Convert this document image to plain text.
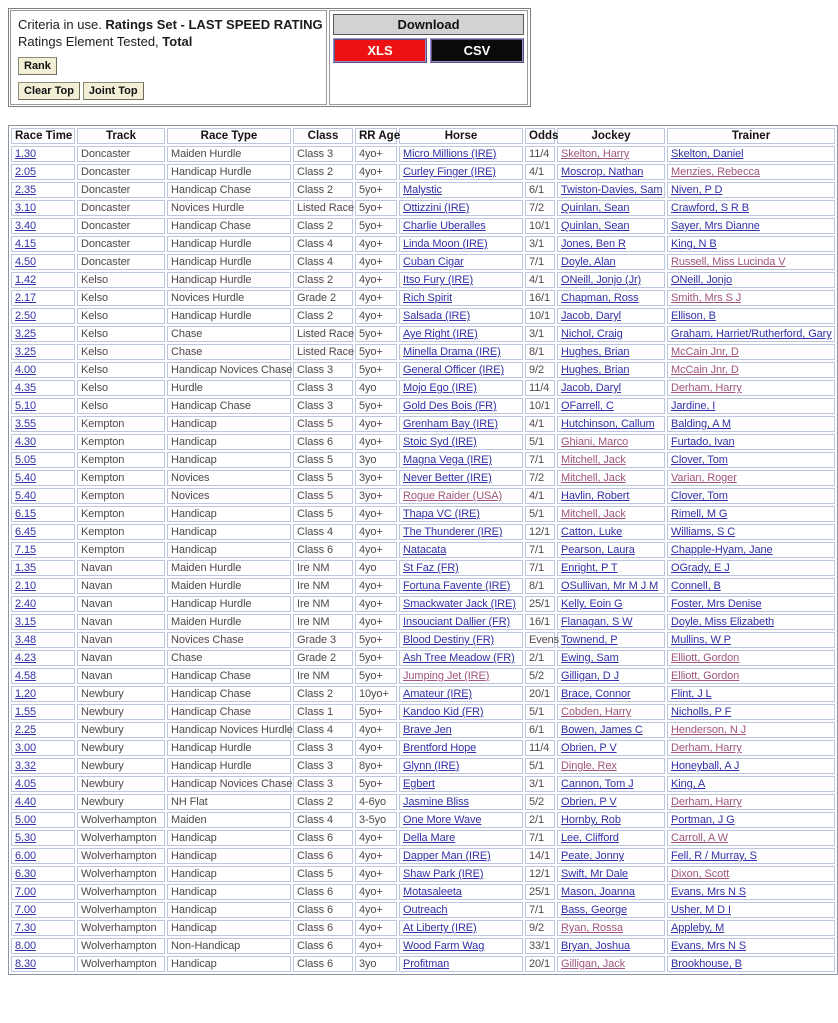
Criteria in use. Ratings Set - LAST SPEED RATING
Ratings Element Tested, Total
Rank
Clear Top Joint Top
Download
XLS	CSV
Race Time	Track	Race Type	Class	RR Age	Horse	Odds	Jockey	Trainer
1.30	Doncaster	Maiden Hurdle	Class 3	4yo+	Micro Millions (IRE)	11/4	Skelton, Harry	Skelton, Daniel
2.05	Doncaster	Handicap Hurdle	Class 2	4yo+	Curley Finger (IRE)	4/1	Moscrop, Nathan	Menzies, Rebecca
2.35	Doncaster	Handicap Chase	Class 2	5yo+	Malystic	6/1	Twiston-Davies, Sam	Niven, P D
3.10	Doncaster	Novices Hurdle	Listed Race	5yo+	Ottizzini (IRE)	7/2	Quinlan, Sean	Crawford, S R B
3.40	Doncaster	Handicap Chase	Class 2	5yo+	Charlie Uberalles	10/1	Quinlan, Sean	Sayer, Mrs Dianne
4.15	Doncaster	Handicap Hurdle	Class 4	4yo+	Linda Moon (IRE)	3/1	Jones, Ben R	King, N B
4.50	Doncaster	Handicap Hurdle	Class 4	4yo+	Cuban Cigar	7/1	Doyle, Alan	Russell, Miss Lucinda V
1.42	Kelso	Handicap Hurdle	Class 2	4yo+	Itso Fury (IRE)	4/1	ONeill, Jonjo (Jr)	ONeill, Jonjo
2.17	Kelso	Novices Hurdle	Grade 2	4yo+	Rich Spirit	16/1	Chapman, Ross	Smith, Mrs S J
2.50	Kelso	Handicap Hurdle	Class 2	4yo+	Salsada (IRE)	10/1	Jacob, Daryl	Ellison, B
3.25	Kelso	Chase	Listed Race	5yo+	Aye Right (IRE)	3/1	Nichol, Craig	Graham, Harriet/Rutherford, Gary
3.25	Kelso	Chase	Listed Race	5yo+	Minella Drama (IRE)	8/1	Hughes, Brian	McCain Jnr, D
4.00	Kelso	Handicap Novices Chase	Class 3	5yo+	General Officer (IRE)	9/2	Hughes, Brian	McCain Jnr, D
4.35	Kelso	Hurdle	Class 3	4yo	Mojo Ego (IRE)	11/4	Jacob, Daryl	Derham, Harry
5.10	Kelso	Handicap Chase	Class 3	5yo+	Gold Des Bois (FR)	10/1	OFarrell, C	Jardine, I
3.55	Kempton	Handicap	Class 5	4yo+	Grenham Bay (IRE)	4/1	Hutchinson, Callum	Balding, A M
4.30	Kempton	Handicap	Class 6	4yo+	Stoic Syd (IRE)	5/1	Ghiani, Marco	Furtado, Ivan
5.05	Kempton	Handicap	Class 5	3yo	Magna Vega (IRE)	7/1	Mitchell, Jack	Clover, Tom
5.40	Kempton	Novices	Class 5	3yo+	Never Better (IRE)	7/2	Mitchell, Jack	Varian, Roger
5.40	Kempton	Novices	Class 5	3yo+	Rogue Raider (USA)	4/1	Havlin, Robert	Clover, Tom
6.15	Kempton	Handicap	Class 5	4yo+	Thapa VC (IRE)	5/1	Mitchell, Jack	Rimell, M G
6.45	Kempton	Handicap	Class 4	4yo+	The Thunderer (IRE)	12/1	Catton, Luke	Williams, S C
7.15	Kempton	Handicap	Class 6	4yo+	Natacata	7/1	Pearson, Laura	Chapple-Hyam, Jane
1.35	Navan	Maiden Hurdle	Ire NM	4yo	St Faz (FR)	7/1	Enright, P T	OGrady, E J
2.10	Navan	Maiden Hurdle	Ire NM	4yo+	Fortuna Favente (IRE)	8/1	OSullivan, Mr M J M	Connell, B
2.40	Navan	Handicap Hurdle	Ire NM	4yo+	Smackwater Jack (IRE)	25/1	Kelly, Eoin G	Foster, Mrs Denise
3.15	Navan	Maiden Hurdle	Ire NM	4yo+	Insouciant Dallier (FR)	16/1	Flanagan, S W	Doyle, Miss Elizabeth
3.48	Navan	Novices Chase	Grade 3	5yo+	Blood Destiny (FR)	Evens	Townend, P	Mullins, W P
4.23	Navan	Chase	Grade 2	5yo+	Ash Tree Meadow (FR)	2/1	Ewing, Sam	Elliott, Gordon
4.58	Navan	Handicap Chase	Ire NM	5yo+	Jumping Jet (IRE)	5/2	Gilligan, D J	Elliott, Gordon
1.20	Newbury	Handicap Chase	Class 2	10yo+	Amateur (IRE)	20/1	Brace, Connor	Flint, J L
1.55	Newbury	Handicap Chase	Class 1	5yo+	Kandoo Kid (FR)	5/1	Cobden, Harry	Nicholls, P F
2.25	Newbury	Handicap Novices Hurdle	Class 4	4yo+	Brave Jen	6/1	Bowen, James C	Henderson, N J
3.00	Newbury	Handicap Hurdle	Class 3	4yo+	Brentford Hope	11/4	Obrien, P V	Derham, Harry
3.32	Newbury	Handicap Hurdle	Class 3	8yo+	Glynn (IRE)	5/1	Dingle, Rex	Honeyball, A J
4.05	Newbury	Handicap Novices Chase	Class 3	5yo+	Egbert	3/1	Cannon, Tom J	King, A
4.40	Newbury	NH Flat	Class 2	4-6yo	Jasmine Bliss	5/2	Obrien, P V	Derham, Harry
5.00	Wolverhampton	Maiden	Class 4	3-5yo	One More Wave	2/1	Hornby, Rob	Portman, J G
5.30	Wolverhampton	Handicap	Class 6	4yo+	Della Mare	7/1	Lee, Clifford	Carroll, A W
6.00	Wolverhampton	Handicap	Class 6	4yo+	Dapper Man (IRE)	14/1	Peate, Jonny	Fell, R / Murray, S
6.30	Wolverhampton	Handicap	Class 5	4yo+	Shaw Park (IRE)	12/1	Swift, Mr Dale	Dixon, Scott
7.00	Wolverhampton	Handicap	Class 6	4yo+	Motasaleeta	25/1	Mason, Joanna	Evans, Mrs N S
7.00	Wolverhampton	Handicap	Class 6	4yo+	Outreach	7/1	Bass, George	Usher, M D I
7.30	Wolverhampton	Handicap	Class 6	4yo+	At Liberty (IRE)	9/2	Ryan, Rossa	Appleby, M
8.00	Wolverhampton	Non-Handicap	Class 6	4yo+	Wood Farm Wag	33/1	Bryan, Joshua	Evans, Mrs N S
8.30	Wolverhampton	Handicap	Class 6	3yo	Profitman	20/1	Gilligan, Jack	Brookhouse, B
